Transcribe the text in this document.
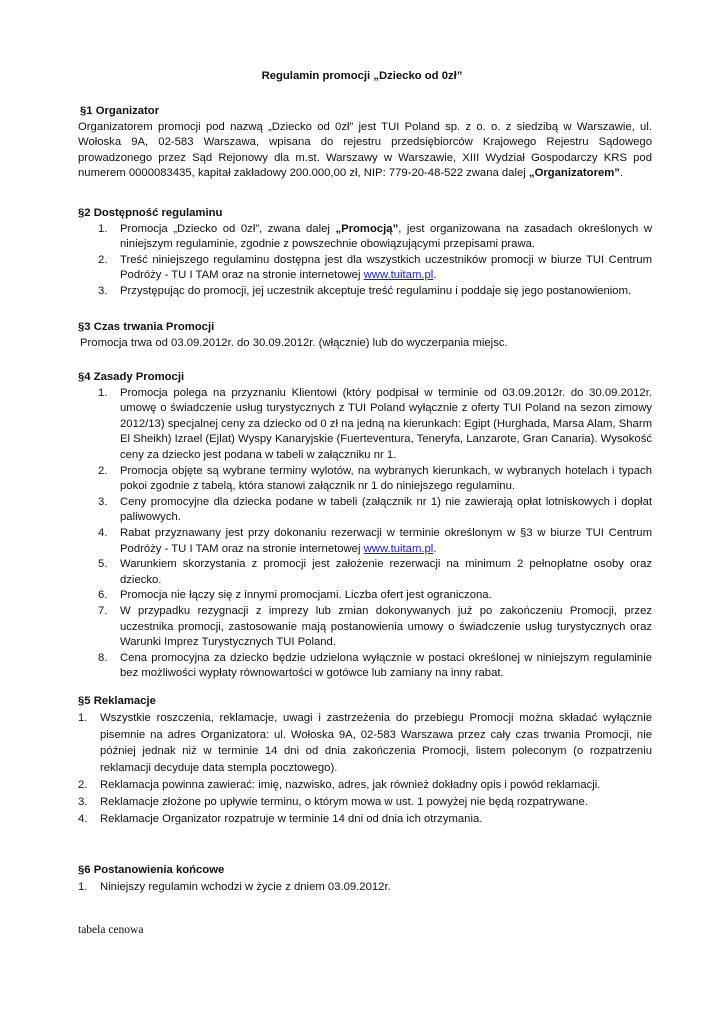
Regulamin promocji „Dziecko od 0zł”
§1 Organizator
Organizatorem promocji pod nazwą „Dziecko od 0zł” jest TUI Poland sp. z o. o. z siedzibą w Warszawie, ul. Wołoska 9A, 02-583 Warszawa, wpisana do rejestru przedsiębiorców Krajowego Rejestru Sądowego prowadzonego przez Sąd Rejonowy dla m.st. Warszawy w Warszawie, XIII Wydział Gospodarczy KRS pod numerem 0000083435, kapitał zakładowy 200.000,00 zł, NIP: 779-20-48-522 zwana dalej „Organizatorem”.
§2 Dostępność regulaminu
1. Promocja „Dziecko od 0zł”, zwana dalej „Promocją”, jest organizowana na zasadach określonych w niniejszym regulaminie, zgodnie z powszechnie obowiązującymi przepisami prawa.
2. Treść niniejszego regulaminu dostępna jest dla wszystkich uczestników promocji w biurze TUI Centrum Podróży - TU I TAM oraz na stronie internetowej www.tuitam.pl.
3. Przystępując do promocji, jej uczestnik akceptuje treść regulaminu i poddaje się jego postanowieniom.
§3 Czas trwania Promocji
Promocja trwa od 03.09.2012r. do 30.09.2012r. (włącznie) lub do wyczerpania miejsc.
§4 Zasady Promocji
1. Promocja polega na przyznaniu Klientowi (który podpisał w terminie od 03.09.2012r. do 30.09.2012r. umowę o świadczenie usług turystycznych z TUI Poland wyłącznie z oferty TUI Poland na sezon zimowy 2012/13) specjalnej ceny za dziecko od 0 zł na jedną na kierunkach: Egipt (Hurghada, Marsa Alam, Sharm El Sheikh) Izrael (Ejlat) Wyspy Kanaryjskie (Fuerteventura, Teneryfa, Lanzarote, Gran Canaria). Wysokość ceny za dziecko jest podana w tabeli w załączniku nr 1.
2. Promocja objęte są wybrane terminy wylotów, na wybranych kierunkach, w wybranych hotelach i typach pokoi zgodnie z tabelą, która stanowi załącznik nr 1 do niniejszego regulaminu.
3. Ceny promocyjne dla dziecka podane w tabeli (załącznik nr 1) nie zawierają opłat lotniskowych i dopłat paliwowych.
4. Rabat przyznawany jest przy dokonaniu rezerwacji w terminie określonym w §3 w biurze TUI Centrum Podróży - TU I TAM oraz na stronie internetowej www.tuitam.pl.
5. Warunkiem skorzystania z promocji jest założenie rezerwacji na minimum 2 pełnopłatne osoby oraz dziecko.
6. Promocja nie łączy się z innymi promocjami. Liczba ofert jest ograniczona.
7. W przypadku rezygnacji z imprezy lub zmian dokonywanych już po zakończeniu Promocji, przez uczestnika promocji, zastosowanie mają postanowienia umowy o świadczenie usług turystycznych oraz Warunki Imprez Turystycznych TUI Poland.
8. Cena promocyjna za dziecko będzie udzielona wyłącznie w postaci określonej w niniejszym regulaminie bez możliwości wypłaty równowartości w gotówce lub zamiany na inny rabat.
§5 Reklamacje
1. Wszystkie roszczenia, reklamacje, uwagi i zastrzeżenia do przebiegu Promocji można składać wyłącznie pisemnie na adres Organizatora: ul. Wołoska 9A, 02-583 Warszawa przez cały czas trwania Promocji, nie później jednak niż w terminie 14 dni od dnia zakończenia Promocji, listem poleconym (o rozpatrzeniu reklamacji decyduje data stempla pocztowego).
2. Reklamacja powinna zawierać: imię, nazwisko, adres, jak również dokładny opis i powód reklamacji.
3. Reklamacje złożone po upływie terminu, o którym mowa w ust. 1 powyżej nie będą rozpatrywane.
4. Reklamacje Organizator rozpatruje w terminie 14 dni od dnia ich otrzymania.
§6 Postanowienia końcowe
1. Niniejszy regulamin wchodzi w życie z dniem 03.09.2012r.
tabela cenowa
